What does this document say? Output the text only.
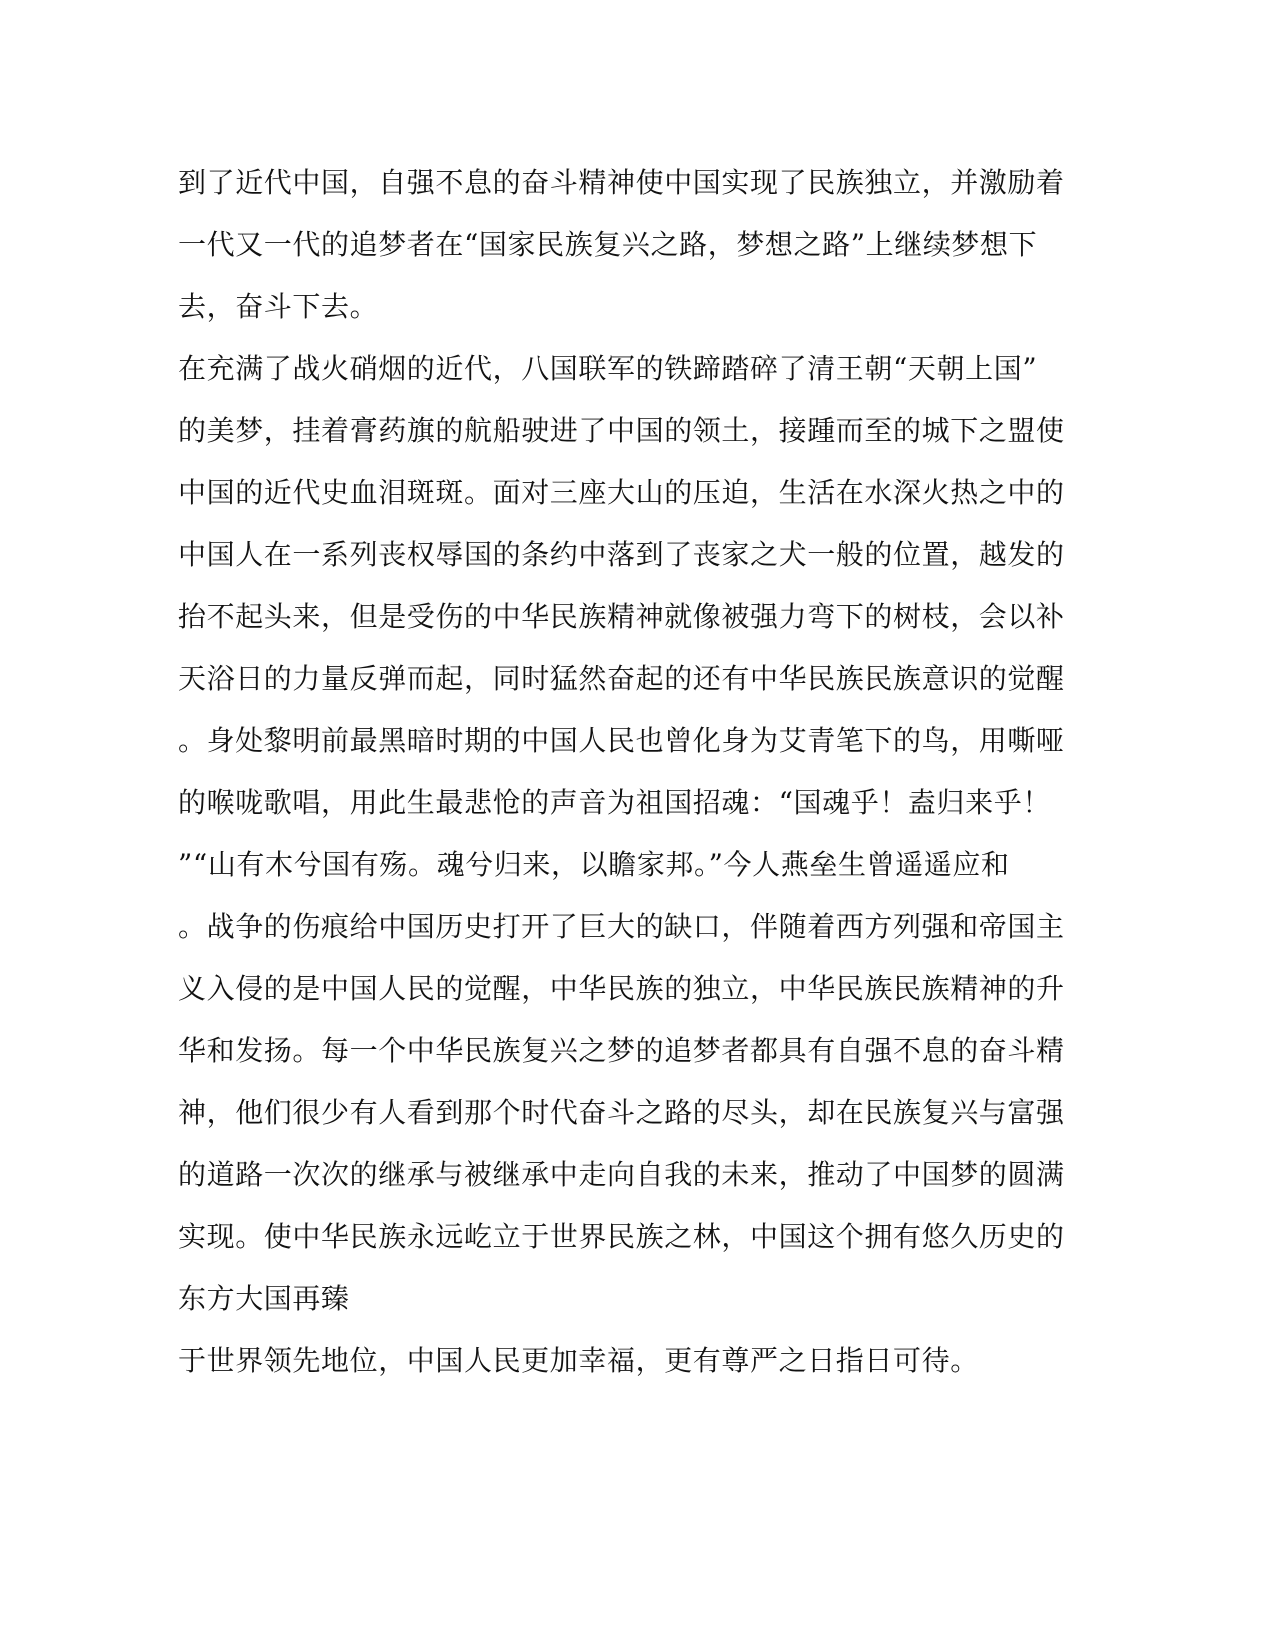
到了近代中国，自强不息的奋斗精神使中国实现了民族独立，并激励着
一代又一代的追梦者在“国家民族复兴之路，梦想之路”上继续梦想下
去，奋斗下去。
在充满了战火硝烟的近代，八国联军的铁蹄踏碎了清王朝“天朝上国”
的美梦，挂着膏药旗的航船驶进了中国的领土，接踵而至的城下之盟使
中国的近代史血泪斑斑。面对三座大山的压迫，生活在水深火热之中的
中国人在一系列丧权辱国的条约中落到了丧家之犬一般的位置，越发的
抬不起头来，但是受伤的中华民族精神就像被强力弯下的树枝，会以补
天浴日的力量反弹而起，同时猛然奋起的还有中华民族民族意识的觉醒
。身处黎明前最黑暗时期的中国人民也曾化身为艾青笔下的鸟，用嘶哑
的喉咙歌唱，用此生最悲怆的声音为祖国招魂：“国魂乎！盍归来乎！
”“山有木兮国有殇。魂兮归来，以瞻家邦。”今人燕垒生曾遥遥应和
。战争的伤痕给中国历史打开了巨大的缺口，伴随着西方列强和帝国主
义入侵的是中国人民的觉醒，中华民族的独立，中华民族民族精神的升
华和发扬。每一个中华民族复兴之梦的追梦者都具有自强不息的奋斗精
神，他们很少有人看到那个时代奋斗之路的尽头，却在民族复兴与富强
的道路一次次的继承与被继承中走向自我的未来，推动了中国梦的圆满
实现。使中华民族永远屹立于世界民族之林，中国这个拥有悠久历史的
东方大国再臻
于世界领先地位，中国人民更加幸福，更有尊严之日指日可待。
